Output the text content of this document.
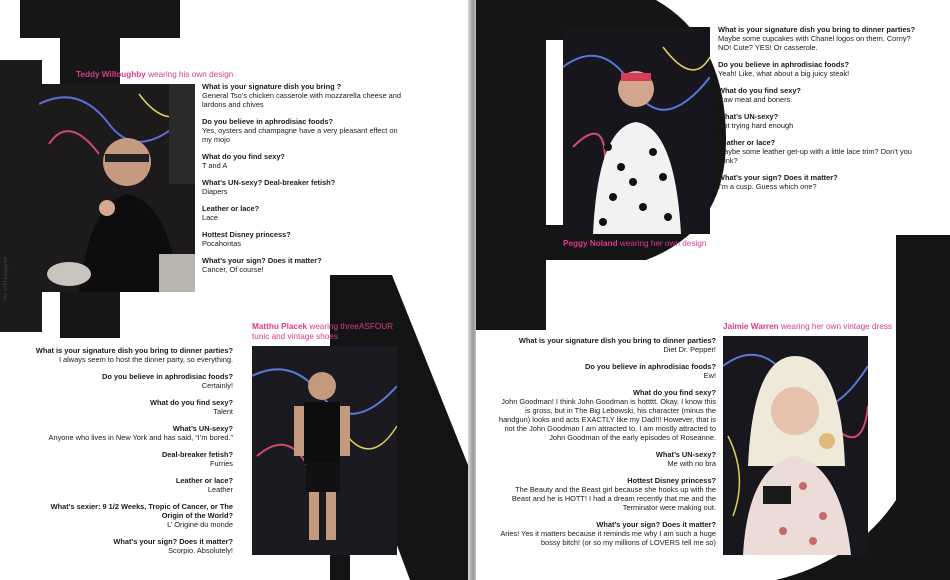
the wild magazine
Teddy Willoughby wearing his own design
What is your signature dish you bring ?
General Tso’s chicken casserole with mozzarella cheese and lardons and chives
Do you believe in aphrodisiac foods?
Yes, oysters and champagne have a very pleasant effect on my mojo
What do you find sexy?
T and A
What’s UN-sexy? Deal-breaker fetish?
Diapers
Leather or lace?
Lace
Hottest Disney princess?
Pocahontas
What’s your sign? Does it matter?
Cancer, Of course!
Matthu Placek wearing threeASFOUR tunic and vintage shoes
What is your signature dish you bring to dinner parties?
I always seem to host the dinner party, so everything.
Do you believe in aphrodisiac foods?
Certainly!
What do you find sexy?
Talent
What’s UN-sexy?
Anyone who lives in New York and has said, “I’m bored.”
Deal-breaker fetish?
Furries
Leather or lace?
Leather
What’s sexier: 9 1/2 Weeks, Tropic of Cancer, or The Origin of the World?
L’ Origine du monde
What’s your sign? Does it matter?
Scorpio. Absolutely!
Peggy Noland wearing her own design
What is your signature dish you bring to dinner parties?
Maybe some cupcakes with Chanel logos on them. Corny? NO! Cute? YES! Or casserole.
Do you believe in aphrodisiac foods?
Yeah! Like, what about a big juicy steak!
What do you find sexy?
Raw meat and boners.
What’s UN-sexy?
Not trying hard enough
Leather or lace?
Maybe some leather get-up with a little lace trim? Don’t you think?
What’s your sign? Does it matter?
I’m a cusp. Guess which one?
Jaimie Warren wearing her own vintage dress
What is your signature dish you bring to dinner parties?
Diet Dr. Pepper!
Do you believe in aphrodisiac foods?
Ew!
What do you find sexy?
John Goodman! I think John Goodman is hottttt. Okay, I know this is gross, but in The Big Lebowski, his character (minus the handgun) looks and acts EXACTLY like my Dad!!! However, that is not the John Goodman I am attracted to. I am mostly attracted to John Goodman of the early episodes of Roseanne.
What’s UN-sexy?
Me with no bra
Hottest Disney princess?
The Beauty and the Beast girl because she hooks up with the Beast and he is HOTT! I had a dream recently that me and the Terminator were making out.
What’s your sign? Does it matter?
Aries! Yes it matters because it reminds me why I am such a huge bossy bitch! (or so my millions of LOVERS tell me so)
